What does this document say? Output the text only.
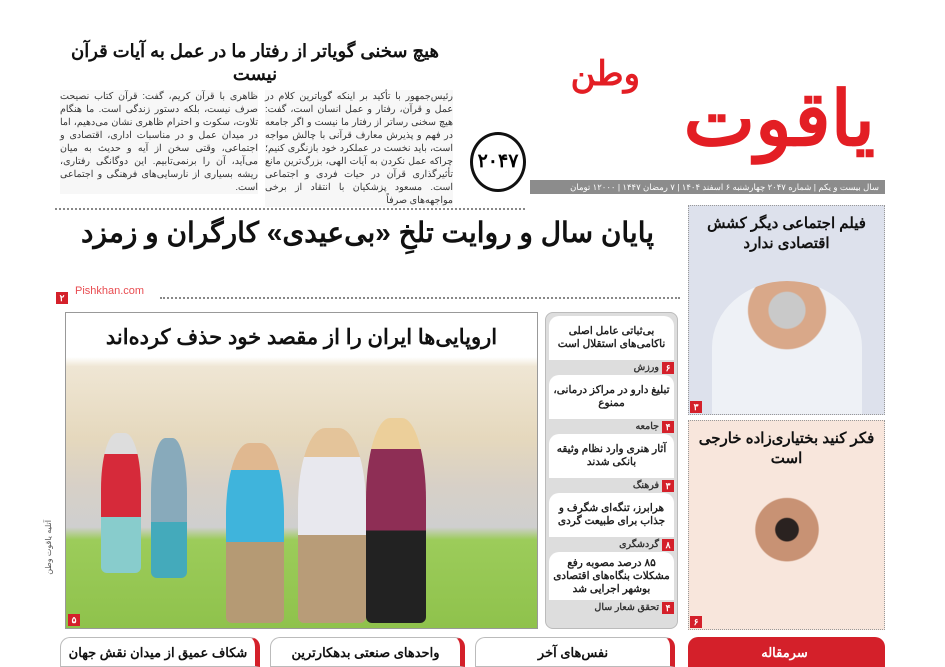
هیچ سخنی گویاتر از رفتار ما در عمل به آیات قرآن نیست
رئیس‌جمهور با تأکید بر اینکه گویاترین کلام در عمل و قرآن، رفتار و عمل انسان است، گفت: هیچ سخنی رساتر از رفتار ما نیست و اگر جامعه در فهم و پذیرش معارف قرآنی با چالش مواجه است، باید نخست در عملکرد خود بازنگری کنیم؛ چراکه عمل نکردن به آیات الهی، بزرگ‌ترین مانع تأثیرگذاری قرآن در حیات فردی و اجتماعی است. مسعود پزشکیان با انتقاد از برخی مواجهه‌های صرفاً
ظاهری با قرآن کریم، گفت: قرآن کتاب نصیحت صرف نیست، بلکه دستور زندگی است. ما هنگام تلاوت، سکوت و احترام ظاهری نشان می‌دهیم، اما در میدان عمل و در مناسبات اداری، اقتصادی و اجتماعی، وقتی سخن از آیه و حدیث به میان می‌آید، آن را برنمی‌تابیم. این دوگانگی رفتاری، ریشه بسیاری از نارسایی‌های فرهنگی و اجتماعی است.
وطن
یاقوت
سال بیست و یکم | شماره ۲۰۴۷ چهارشنبه ۶ اسفند ۱۴۰۴ | ۷ رمضان ۱۴۴۷ | ۱۲۰۰۰ تومان
۲۰۴۷
پایان سال و روایت تلخِ «بی‌عیدی» کارگران و زمزد
Pishkhan.com
۲
اروپایی‌ها ایران را از مقصد خود حذف کرده‌اند
۵
آتلیه یاقوت وطن
بی‌ثباتی عامل اصلی ناکامی‌های استقلال است
۶
ورزش
تبلیغ دارو در مراکز درمانی، ممنوع
۴
جامعه
آثار هنری وارد نظام وثیقه بانکی شدند
۳
فرهنگ
هرابرز، تنگه‌ای شگرف و جذاب برای طبیعت گردی
۸
گردشگری
۸۵ درصد مصوبه رفع مشکلات بنگاه‌های اقتصادی بوشهر اجرایی شد
۴
تحقق شعار سال
فیلم اجتماعی دیگر کشش اقتصادی ندارد
۳
فکر کنید بختیاری‌زاده خارجی است
۶
سرمقاله
نفس‌های آخر
واحدهای صنعتی بدهکارترین
شکاف عمیق از میدان نقش جهان
